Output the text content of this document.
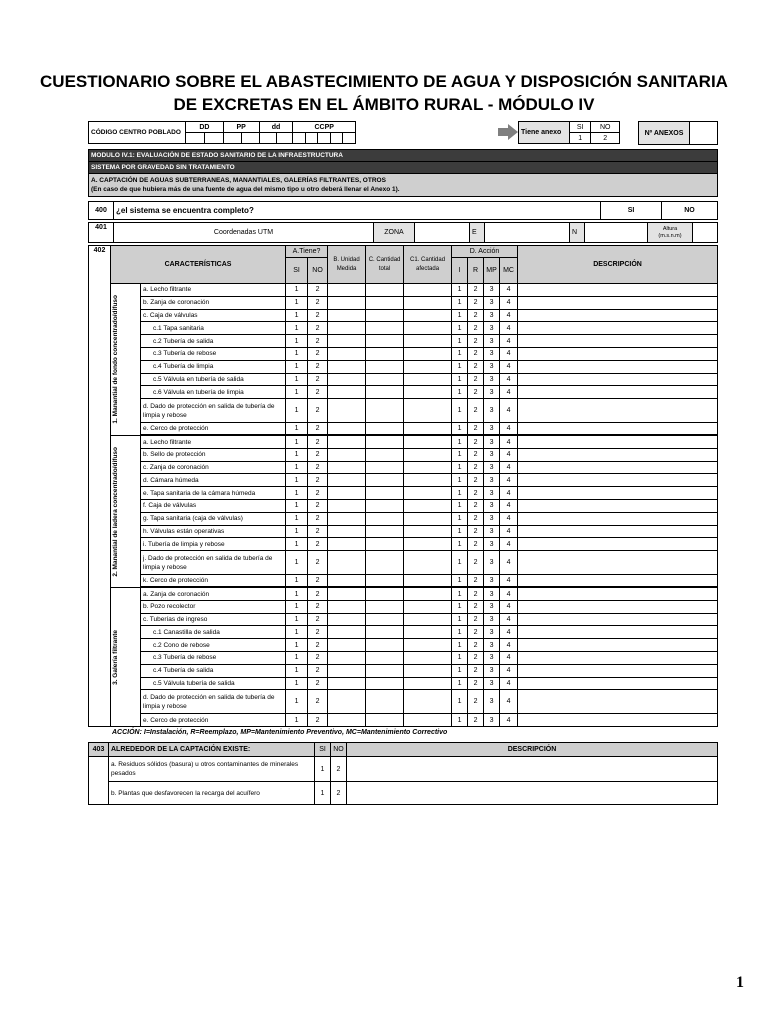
CUESTIONARIO SOBRE EL ABASTECIMIENTO DE AGUA Y DISPOSICIÓN SANITARIA
DE EXCRETAS EN EL ÁMBITO RURAL - MÓDULO IV
CÓDIGO CENTRO POBLADO	DD		PP		dd		CCPP				

Tiene anexo	SI	NO
	1	2
Nº ANEXOS	
MODULO IV.1: EVALUACIÓN DE ESTADO SANITARIO DE LA INFRAESTRUCTURA
SISTEMA POR GRAVEDAD SIN TRATAMIENTO

A. CAPTACIÓN DE AGUAS SUBTERRANEAS, MANANTIALES, GALERÍAS FILTRANTES, OTROS
(En caso de que hubiera más de una fuente de agua del mismo tipo u otro deberá llenar el Anexo 1).
400	¿el sistema se encuentra completo?	SI	NO
401	Coordenadas UTM	ZONA		E		N		
Altura
(m.s.n.m)

402	CARACTERÍSTICAS		A.Tiene?		B. Unidad Medida	C. Cantidad total	C1. Cantidad afectada	D. Acción				DESCRIPCIÓN
			SI	NO				I	R	MP	MC	

	1. Manantial de fondo concentrado/difuso	a. Lecho filtrante	1	2				1	2	3	4	
		b. Zanja de coronación	1	2				1	2	3	4	
		c. Caja de válvulas	1	2				1	2	3	4	
		c.1 Tapa sanitaria	1	2				1	2	3	4	
		c.2 Tubería de salida	1	2				1	2	3	4	
		c.3 Tubería de rebose	1	2				1	2	3	4	
		c.4 Tubería de limpia	1	2				1	2	3	4	
		c.5 Válvula en tubería de salida	1	2				1	2	3	4	
		c.6 Válvula en tubería de limpia	1	2				1	2	3	4	
		d. Dado de protección en salida de tubería de limpia y rebose	1	2				1	2	3	4	
		e. Cerco de protección	1	2				1	2	3	4	

	2. Manantial de ladera concentrado/difuso	a. Lecho filtrante	1	2				1	2	3	4	
		b. Sello de protección	1	2				1	2	3	4	
		c. Zanja de coronación	1	2				1	2	3	4	
		d. Cámara húmeda	1	2				1	2	3	4	
		e. Tapa sanitaria de la cámara húmeda	1	2				1	2	3	4	
		f. Caja de válvulas	1	2				1	2	3	4	
		g. Tapa sanitaria (caja de válvulas)	1	2				1	2	3	4	
		h. Válvulas están operativas	1	2				1	2	3	4	
		i. Tubería de limpia y rebose	1	2				1	2	3	4	
		j. Dado de protección en salida de tubería de limpia y rebose	1	2				1	2	3	4	
		k. Cerco de protección	1	2				1	2	3	4	

	3. Galería filtrante	a. Zanja de coronación	1	2				1	2	3	4	
		b. Pozo recolector	1	2				1	2	3	4	
		c. Tuberías de ingreso	1	2				1	2	3	4	
		c.1 Canastilla de salida	1	2				1	2	3	4	
		c.2 Cono de rebose	1	2				1	2	3	4	
		c.3 Tubería de rebose	1	2				1	2	3	4	
		c.4 Tubería de salida	1	2				1	2	3	4	
		c.5 Válvula tubería de salida	1	2				1	2	3	4	
		d. Dado de protección en salida de tubería de limpia y rebose	1	2				1	2	3	4	
		e. Cerco de protección	1	2				1	2	3	4	
ACCIÓN: I=Instalación, R=Reemplazo, MP=Mantenimiento Preventivo, MC=Mantenimiento Correctivo
403	ALREDEDOR DE LA CAPTACIÓN EXISTE:	SI	NO	DESCRIPCIÓN
	a. Residuos sólidos (basura) u otros contaminantes de minerales pesados	1	2	
	b. Plantas que desfavorecen la recarga del acuífero	1	2	
1
